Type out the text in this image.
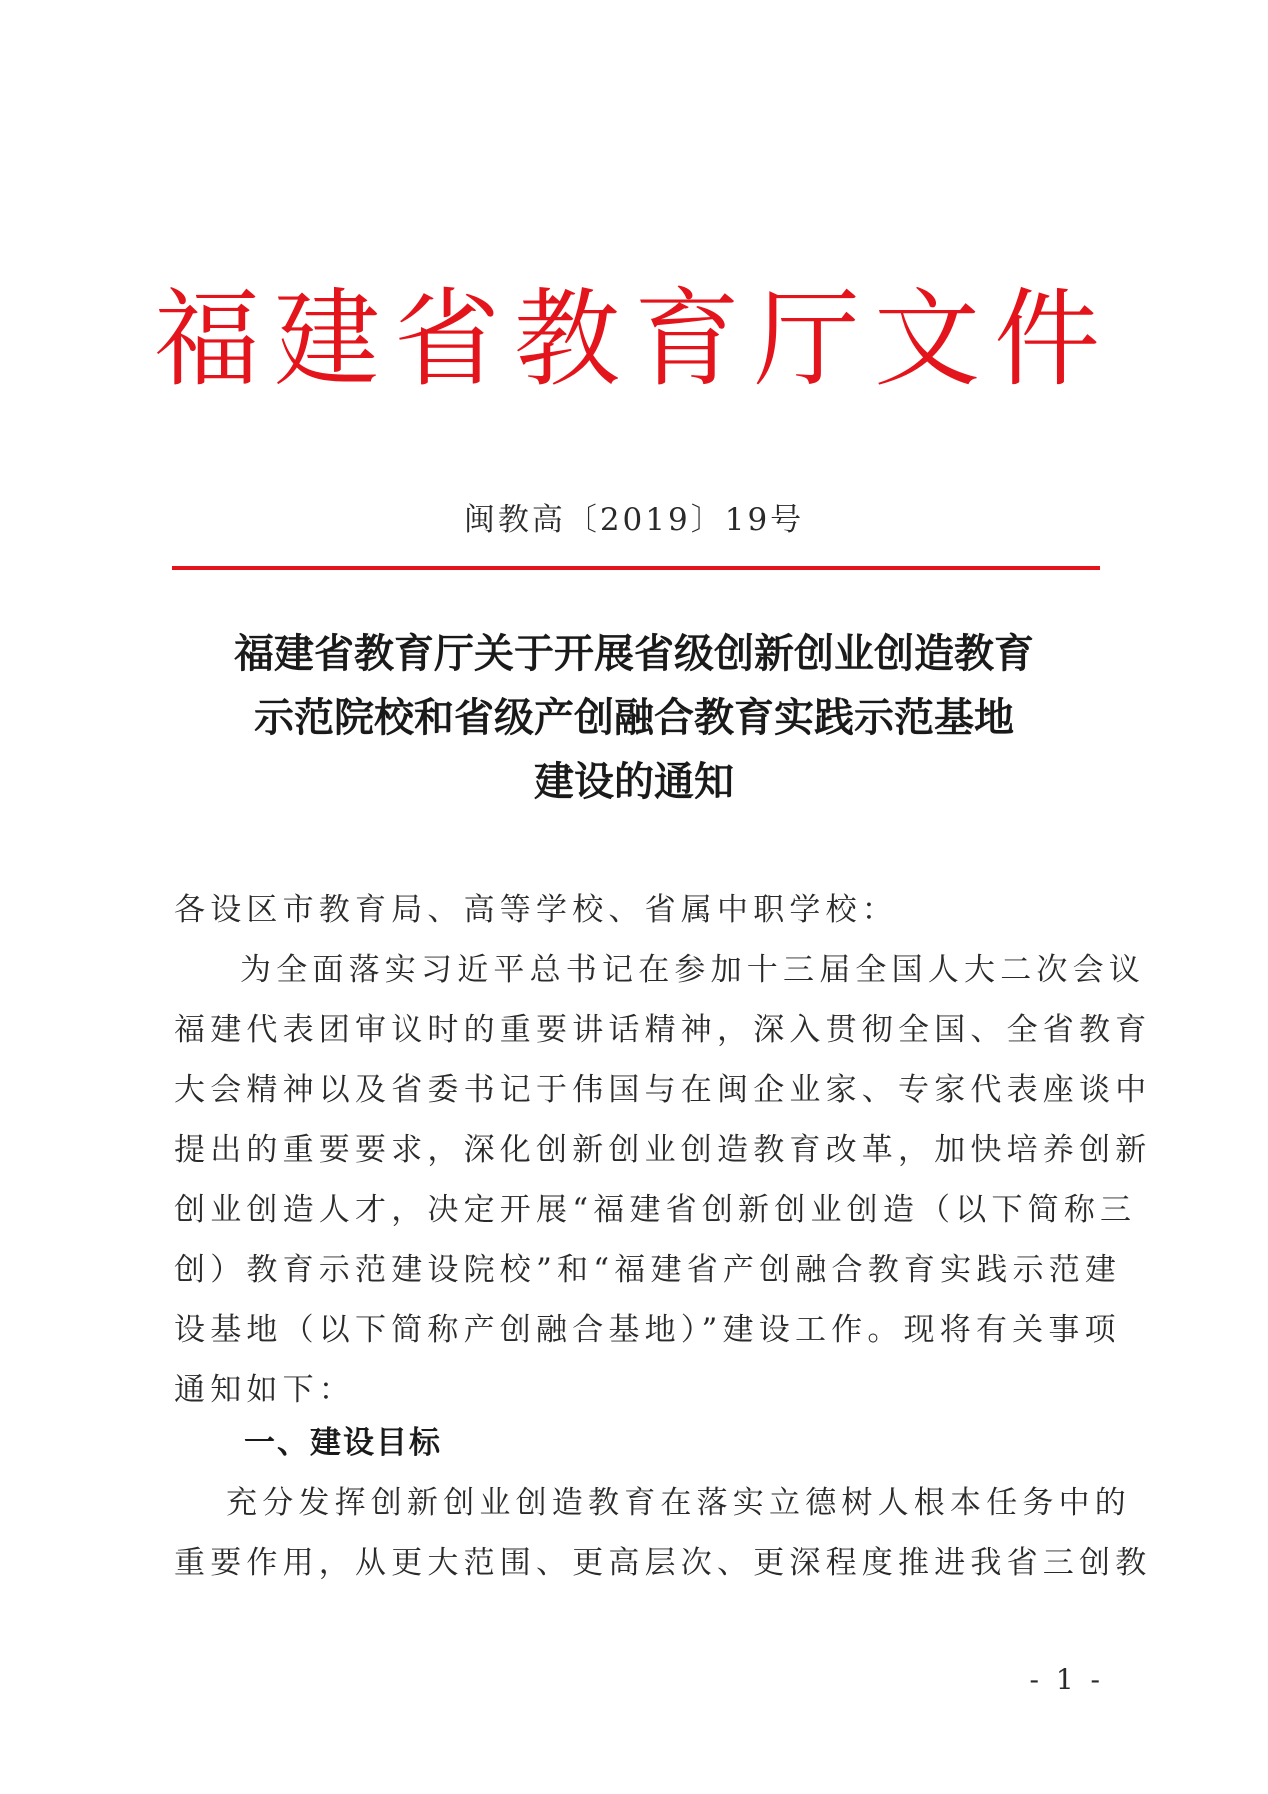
福建省教育厅文件
闽教高〔2019〕19号
福建省教育厅关于开展省级创新创业创造教育
示范院校和省级产创融合教育实践示范基地
建设的通知
各设区市教育局、高等学校、省属中职学校：
为全面落实习近平总书记在参加十三届全国人大二次会议
福建代表团审议时的重要讲话精神，深入贯彻全国、全省教育
大会精神以及省委书记于伟国与在闽企业家、专家代表座谈中
提出的重要要求，深化创新创业创造教育改革，加快培养创新
创业创造人才，决定开展“福建省创新创业创造（以下简称三
创）教育示范建设院校”和“福建省产创融合教育实践示范建
设基地（以下简称产创融合基地）”建设工作。现将有关事项
通知如下：
一、建设目标
充分发挥创新创业创造教育在落实立德树人根本任务中的
重要作用，从更大范围、更高层次、更深程度推进我省三创教
- 1 -
